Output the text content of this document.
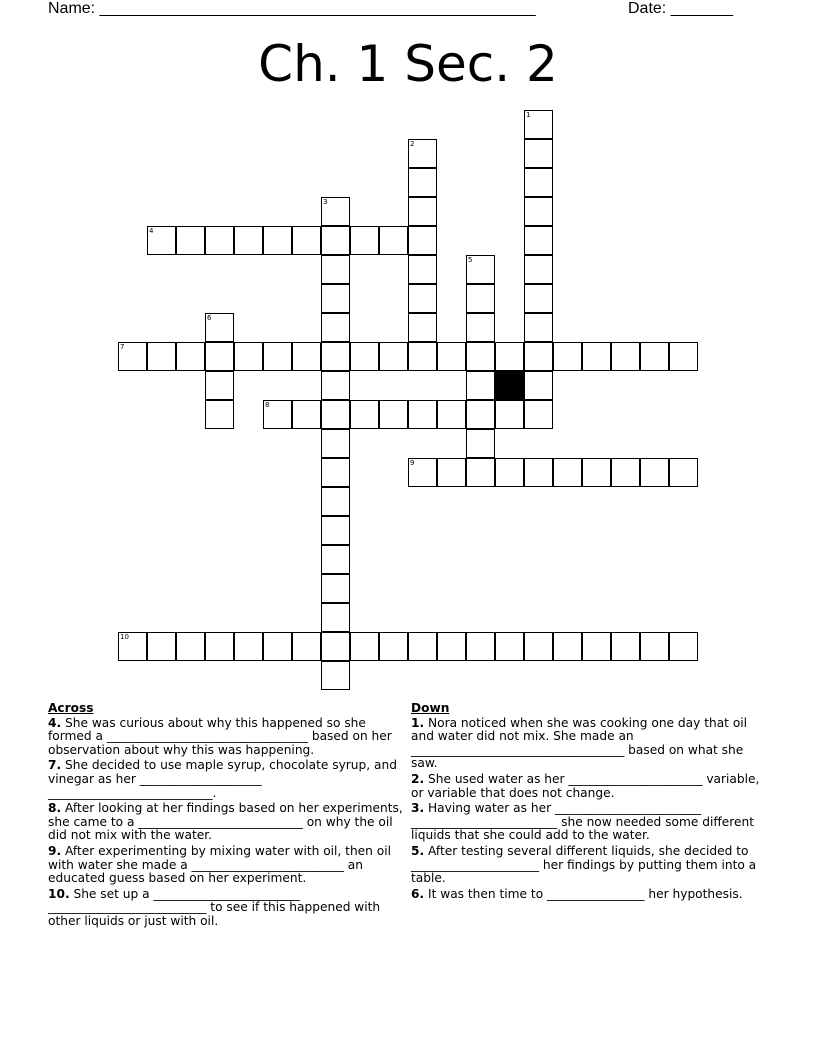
Name: _________________________________________________	Date: _______
Ch. 1 Sec. 2
1
2
3
4
5
6
7
8
9
10
Across
4. She was curious about why this happened so she formed a _________________________________ based on her observation about why this was happening.
7. She decided to use maple syrup, chocolate syrup, and vinegar as her ____________________ ___________________________.
8. After looking at her findings based on her experiments, she came to a ___________________________ on why the oil did not mix with the water.
9. After experimenting by mixing water with oil, then oil with water she made a _________________________ an educated guess based on her experiment.
10. She set up a ________________________ __________________________ to see if this happened with other liquids or just with oil.
Down
1. Nora noticed when she was cooking one day that oil and water did not mix. She made an ___________________________________ based on what she saw.
2. She used water as her ______________________ variable, or variable that does not change.
3. Having water as her ________________________ ________________________ she now needed some different liquids that she could add to the water.
5. After testing several different liquids, she decided to _____________________ her findings by putting them into a table.
6. It was then time to ________________ her hypothesis.
